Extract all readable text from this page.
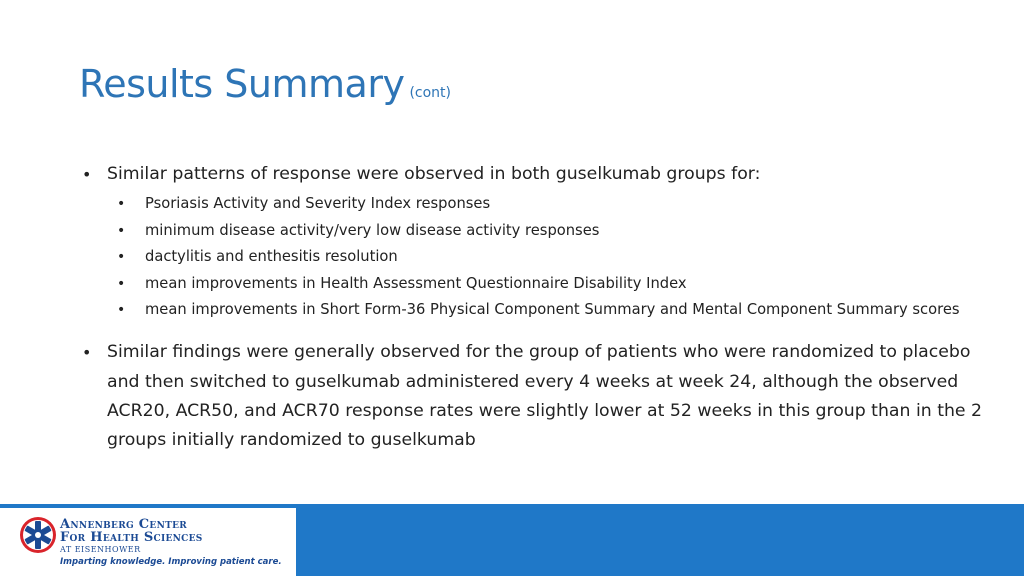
Results Summary (cont)
• Similar patterns of response were observed in both guselkumab groups for:
• Psoriasis Activity and Severity Index responses
• minimum disease activity/very low disease activity responses
• dactylitis and enthesitis resolution
• mean improvements in Health Assessment Questionnaire Disability Index
• mean improvements in Short Form-36 Physical Component Summary and Mental Component Summary scores
• Similar findings were generally observed for the group of patients who were randomized to placebo and then switched to guselkumab administered every 4 weeks at week 24, although the observed ACR20, ACR50, and ACR70 response rates were slightly lower at 52 weeks in this group than in the 2 groups initially randomized to guselkumab
Annenberg Center
For Health Sciences
AT EISENHOWER
Imparting knowledge. Improving patient care.
